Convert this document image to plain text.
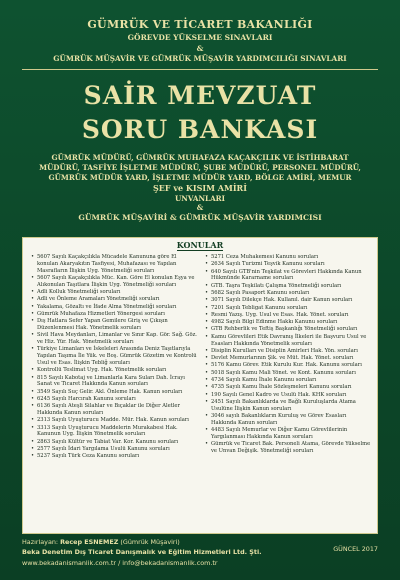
GÜMRÜK VE TİCARET BAKANLIĞI
GÖREVDE YÜKSELME SINAVLARI
&
GÜMRÜK MÜŞAVİR VE GÜMRÜK MÜŞAVİR YARDIMCILIĞI SINAVLARI
SAİR MEVZUAT
SORU BANKASI
GÜMRÜK MÜDÜRÜ, GÜMRÜK MUHAFAZA KAÇAKÇILIK VE İSTİHBARAT
MÜDÜRÜ, TASFİYE İŞLETME MÜDÜRÜ, ŞUBE MÜDÜRÜ, PERSONEL MÜDÜRÜ,
GÜMRÜK MÜDÜR YARD, İŞLETME MÜDÜR YARD, BÖLGE AMİRİ, MEMUR
ŞEF ve KISIM AMİRİ
UNVANLARI
&
GÜMRÜK MÜŞAVİRİ & GÜMRÜK MÜŞAVİR YARDIMCISI
KONULAR
• 5607 Sayılı Kaçakçılıkla Mücadele Kanununa göre El konulan Akaryakıtın Tasfiyesi, Muhafazası ve Yapılan Masrafların İlişkin Uyg. Yönetmeliği soruları
• 5607 Sayılı Kaçakçılıkla Müc. Kan. Göre El konulan Eşya ve Alıkonulan Taşıtlara İlişkin Uyg. Yönetmeliği soruları
• Adli Kolluk Yönetmeliği soruları
• Adli ve Önleme Aramaları Yönetmeliği soruları
• Yakalama, Gözaltı ve İfade Alma Yönetmeliği soruları
• Gümrük Muhafaza Hizmetleri Yönergesi soruları
• Dış Hatlara Sefer Yapan Gemilere Giriş ve Çıkışın Düzenlenmesi Hak. Yönetmelik soruları
• Sivil Hava Meydanları, Limanlar ve Sınır Kap. Gör. Sağ. Göz. ve Hiz. Yür. Hak. Yönetmelik soruları
• Türkiye Limanları ve İskeleleri Arasında Deniz Taşıtlarıyla Yapılan Taşıma İle Yük. ve Boş. Gümrük Gözetim ve Kontrolü Usul ve Esas. İlişkin Tebliğ soruları
• Kontrollü Teslimat Uyg. Hak. Yönetmelik soruları
• 815 Sayılı Kabotaj ve Limanlarla Kara Suları Dah. İcrayı Sanat ve Ticaret Hakkında Kanun soruları
• 3549 Sayılı Suç Gelir. Akl. Önleme Hak. Kanun soruları
• 6245 Sayılı Harcırah Kanunu soruları
• 6136 Sayılı Ateşli Silahlar ve Bıçaklar ile Diğer Aletler Hakkında Kanun soruları
• 2313 Sayılı Uyuşturucu Madde. Mür. Hak. Kanun soruları
• 3313 Sayılı Uyuşturucu Maddelerin Murakabesi Hak. Kanunun Uyg. İlişkin Yönetmelik soruları
• 2863 Sayılı Kültür ve Tabiat Var. Kor. Kanunu soruları
• 2577 Sayılı İdari Yargılama Usulü Kanunu soruları
• 5237 Sayılı Türk Ceza Kanunu soruları
• 5271 Ceza Muhakemesi Kanunu soruları
• 2634 Sayılı Turizmi Teşvik Kanunu soruları
• 640 Sayılı GTB'nin Teşkilat ve Görevleri Hakkında Kanun Hükmünde Kararname soruları
• GTB. Taşra Teşkilatı Çalışma Yönetmeliği soruları
• 5682 Sayılı Pasaport Kanunu soruları
• 3071 Sayılı Dilekçe Hak. Kullanıl. dair Kanun soruları
• 7201 Sayılı Tebligat Kanunu soruları
• Resmi Yazış. Uyg. Usul ve Esas. Hak. Yönet. soruları
• 4982 Sayılı Bilgi Edinme Hakkı Kanunu soruları
• GTB Rehberlik ve Teftiş Başkanlığı Yönetmeliği soruları
• Kamu Görevlileri Etik Davranış İlkeleri ile Başvuru Usul ve Esasları Hakkında Yönetmelik soruları
• Disiplin Kurulları ve Disiplin Amirleri Hak. Yön. soruları
• Devlet Memurlarının Şik. ve Müt. Hak. Yönet. soruları
• 5176 Kamu Görev. Etik Kurulu Kur. Hak. Kanunu soruları
• 5018 Sayılı Kamu Mali Yönet. ve Kont. Kanunu soruları
• 4734 Sayılı Kamu İhale Kanunu soruları
• 4735 Sayılı Kamu İhale Sözleşmeleri Kanunu soruları
• 190 Sayılı Genel Kadro ve Usulü Hak. KHK soruları
• 2451 Sayılı Bakanlıklarda ve Bağlı Kuruluşlarda Atama Usulüne İlişkin Kanun soruları
• 3046 sayılı Bakanlıkların Kuruluş ve Görev Esasları Hakkında Kanun soruları
• 4483 Sayılı Memurlar ve Diğer Kamu Görevlilerinin Yargılanması Hakkında Kanun soruları
• Gümrük ve Ticaret Bak. Personeli Atama, Görevde Yükselme ve Unvan Değişik. Yönetmeliği soruları
Hazırlayan: Recep ESNEMEZ (Gümrük Müşaviri)
Beka Denetim Dış Ticaret Danışmalık ve Eğitim Hizmetleri Ltd. Şti.
www.bekadanismanlik.com.tr / info@bekadanismanlik.com.tr
GÜNCEL 2017
